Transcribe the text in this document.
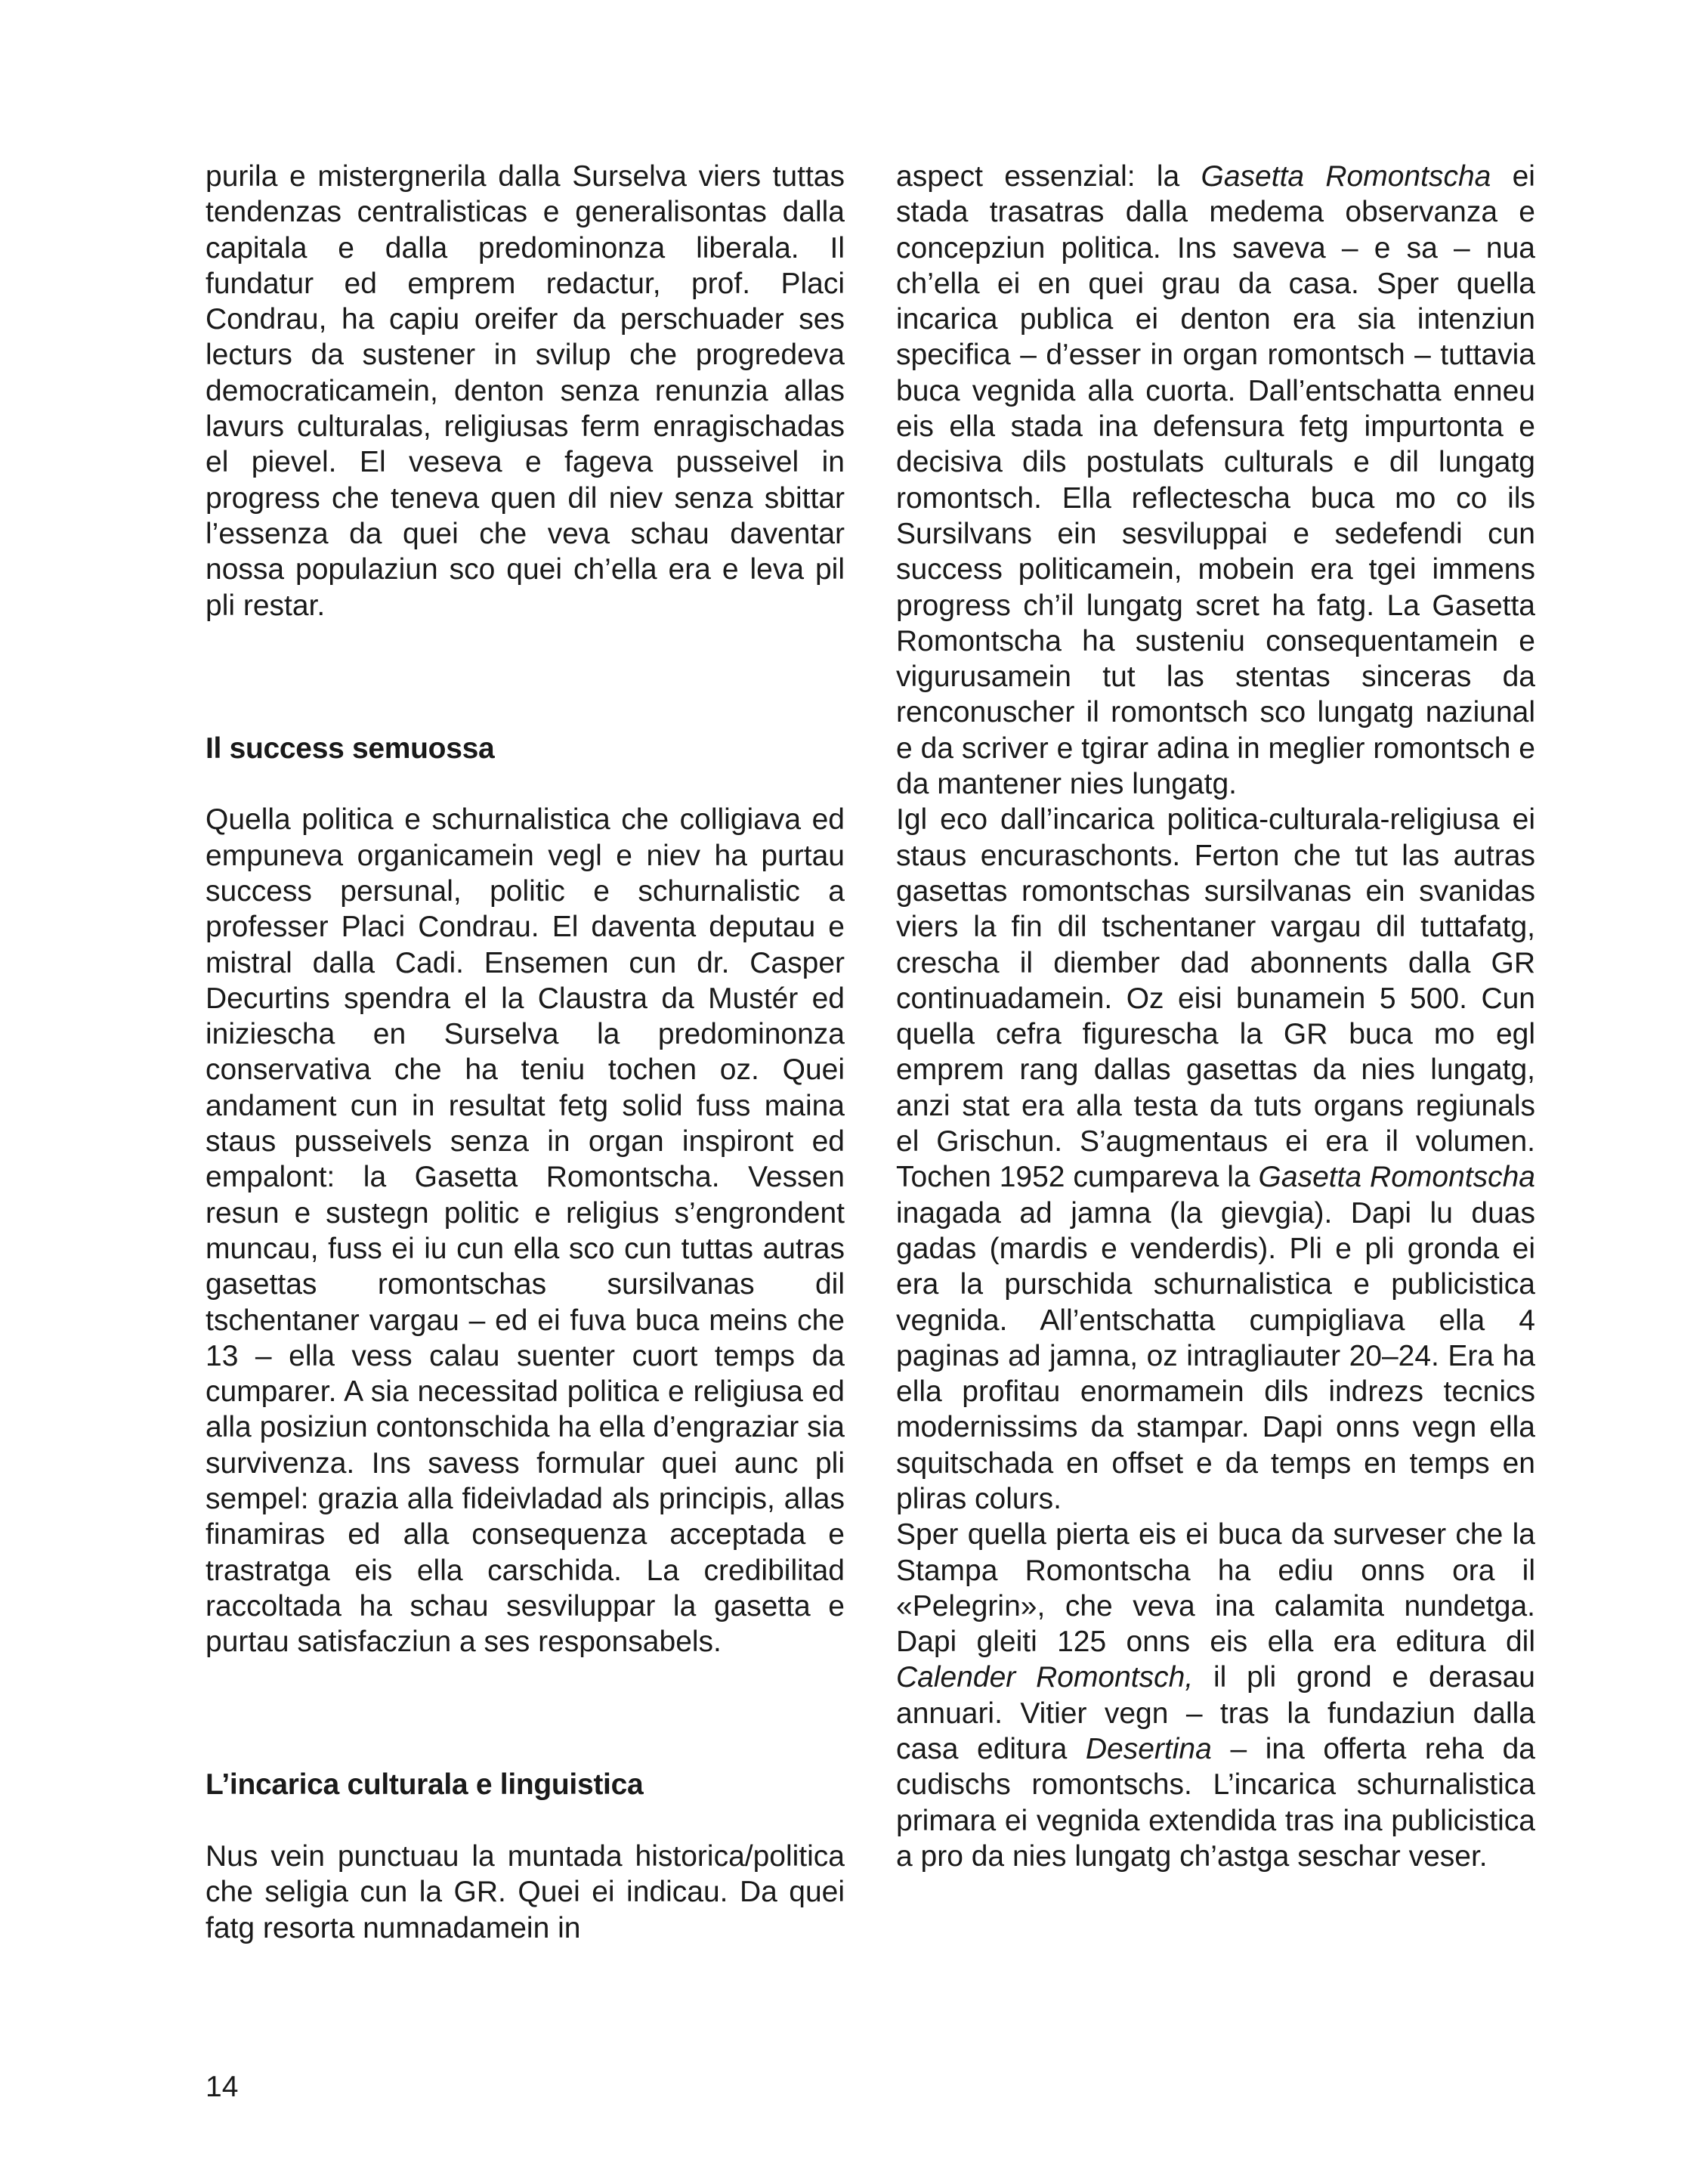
purila e mistergnerila dalla Surselva viers tuttas tendenzas centralisticas e generalisontas dalla capitala e dalla predominonza liberala. Il fundatur ed emprem redactur, prof. Placi Condrau, ha capiu oreifer da perschuader ses lecturs da sustener in svilup che progredeva democraticamein, denton senza renunzia allas lavurs culturalas, religiusas ferm enragischadas el pievel. El veseva e fageva pusseivel in progress che teneva quen dil niev senza sbittar l’essenza da quei che veva schau daventar nossa populaziun sco quei ch’ella era e leva pil pli restar.

Il success semuossa

Quella politica e schurnalistica che colligiava ed empuneva organicamein vegl e niev ha purtau success persunal, politic e schurnalistic a professer Placi Condrau. El daventa deputau e mistral dalla Cadi. Ensemen cun dr. Casper Decurtins spendra el la Claustra da Mustér ed iniziescha en Surselva la predominonza conservativa che ha teniu tochen oz. Quei andament cun in resultat fetg solid fuss maina staus pusseivels senza in organ inspiront ed empalont: la Gasetta Romontscha. Vessen resun e sustegn politic e religius s’engrondent muncau, fuss ei iu cun ella sco cun tuttas autras gasettas romontschas sursilvanas dil tschentaner vargau – ed ei fuva buca meins che 13 – ella vess calau suenter cuort temps da cumparer. A sia necessitad politica e religiusa ed alla posiziun contonschida ha ella d’engraziar sia survivenza. Ins savess formular quei aunc pli sempel: grazia alla fideivladad als principis, allas finamiras ed alla consequenza acceptada e trastratga eis ella carschida. La credibilitad raccoltada ha schau sesviluppar la gasetta e purtau satisfacziun a ses responsabels.

L’incarica culturala e linguistica

Nus vein punctuau la muntada historica/politica che seligia cun la GR. Quei ei indicau. Da quei fatg resorta numnadamein in

aspect essenzial: la Gasetta Romontscha ei stada trasatras dalla medema observanza e concepziun politica. Ins saveva – e sa – nua ch’ella ei en quei grau da casa. Sper quella incarica publica ei denton era sia intenziun specifica – d’esser in organ romontsch – tuttavia buca vegnida alla cuorta. Dall’entschatta enneu eis ella stada ina defensura fetg impurtonta e decisiva dils postulats culturals e dil lungatg romontsch. Ella reflectescha buca mo co ils Sursilvans ein sesviluppai e sedefendi cun success politicamein, mobein era tgei immens progress ch’il lungatg scret ha fatg. La Gasetta Romontscha ha susteniu consequentamein e vigurusamein tut las stentas sinceras da renconuscher il romontsch sco lungatg naziunal e da scriver e tgirar adina in meglier romontsch e da mantener nies lungatg.

Igl eco dall’incarica politica-culturala-religiusa ei staus encuraschonts. Ferton che tut las autras gasettas romontschas sursilvanas ein svanidas viers la fin dil tschentaner vargau dil tuttafatg, crescha il diember dad abonnents dalla GR continuadamein. Oz eisi bunamein 5 500. Cun quella cefra figurescha la GR buca mo egl emprem rang dallas gasettas da nies lungatg, anzi stat era alla testa da tuts organs regiunals el Grischun. S’augmentaus ei era il volumen. Tochen 1952 cumpareva la Gasetta Romontscha inagada ad jamna (la gievgia). Dapi lu duas gadas (mardis e venderdis). Pli e pli gronda ei era la purschida schurnalistica e publicistica vegnida. All’entschatta cumpigliava ella 4 paginas ad jamna, oz intragliauter 20–24. Era ha ella profitau enormamein dils indrezs tecnics modernissims da stampar. Dapi onns vegn ella squitschada en offset e da temps en temps en pliras colurs.

Sper quella pierta eis ei buca da surveser che la Stampa Romontscha ha ediu onns ora il «Pelegrin», che veva ina calamita nundetga. Dapi gleiti 125 onns eis ella era editura dil Calender Romontsch, il pli grond e derasau annuari. Vitier vegn – tras la fundaziun dalla casa editura Desertina – ina offerta reha da cudischs romontschs. L’incarica schurnalistica primara ei vegnida extendida tras ina publicistica a pro da nies lungatg ch’astga seschar veser.

14
